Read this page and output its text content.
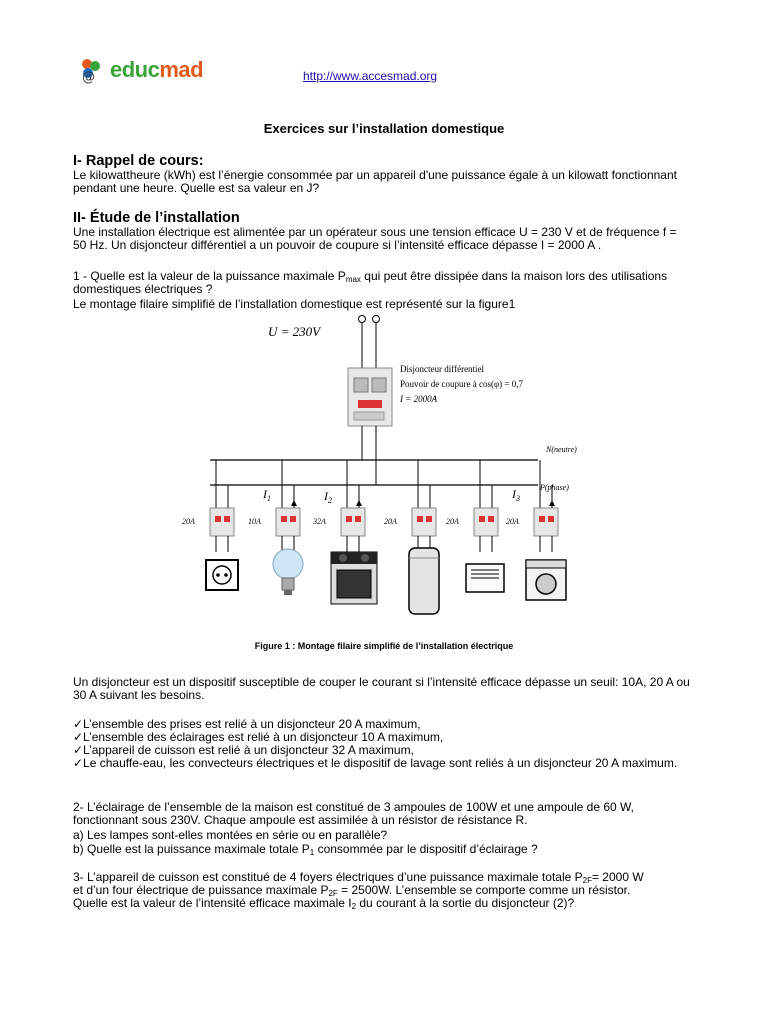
@ educmad	http://www.accesmad.org
Exercices sur l’installation domestique
I- Rappel de cours:
Le kilowattheure (kWh) est l’énergie consommée par un appareil d'une puissance égale à un kilowatt fonctionnant pendant une heure. Quelle est sa valeur en J?
II- Étude de l’installation
Une installation électrique est alimentée par un opérateur sous une tension efficace U = 230 V et de fréquence f = 50 Hz. Un disjoncteur différentiel a un pouvoir de coupure si l’intensité efficace dépasse I = 2000 A .
1 - Quelle est la valeur de la puissance maximale $P_{max}$ qui peut être dissipée dans la maison lors des utilisations domestiques électriques ?
Le montage filaire simplifié de l’installation domestique est représenté sur la figure1
U = 230V
Disjoncteur différentiel
Pouvoir de coupure à cos(φ) = 0,7
I = 2000A
N(neutre)
P(phase)
20A	10A	32A	20A	20A	20A
$I_1$	$I_2$	$I_3$
Figure 1 : Montage filaire simplifié de l’installation électrique
Un disjoncteur est un dispositif susceptible de couper le courant si l’intensité efficace dépasse un seuil: 10A, 20 A ou 30 A suivant les besoins.
✓L’ensemble des prises est relié à un disjoncteur 20 A maximum,
✓L’ensemble des éclairages est relié à un disjoncteur 10 A maximum,
✓L’appareil de cuisson est relié à un disjoncteur 32 A maximum,
✓Le chauffe-eau, les convecteurs électriques et le dispositif de lavage sont reliés à un disjoncteur 20 A maximum.
2- L’éclairage de l’ensemble de la maison est constitué de 3 ampoules de 100W et une ampoule de 60 W, fonctionnant sous 230V. Chaque ampoule est assimilée à un résistor de résistance R.
a) Les lampes sont-elles montées en série ou en parallèle?
b) Quelle est la puissance maximale totale $P_1$ consommée par le dispositif d’éclairage ?
3- L’appareil de cuisson est constitué de 4 foyers électriques d’une puissance maximale totale $P_{2F}= 2000$ W
et d’un four électrique de puissance maximale $P_{2F} = 2500W$. L’ensemble se comporte comme un résistor.
Quelle est la valeur de l’intensité efficace maximale $I_2$ du courant à la sortie du disjoncteur (2)?
